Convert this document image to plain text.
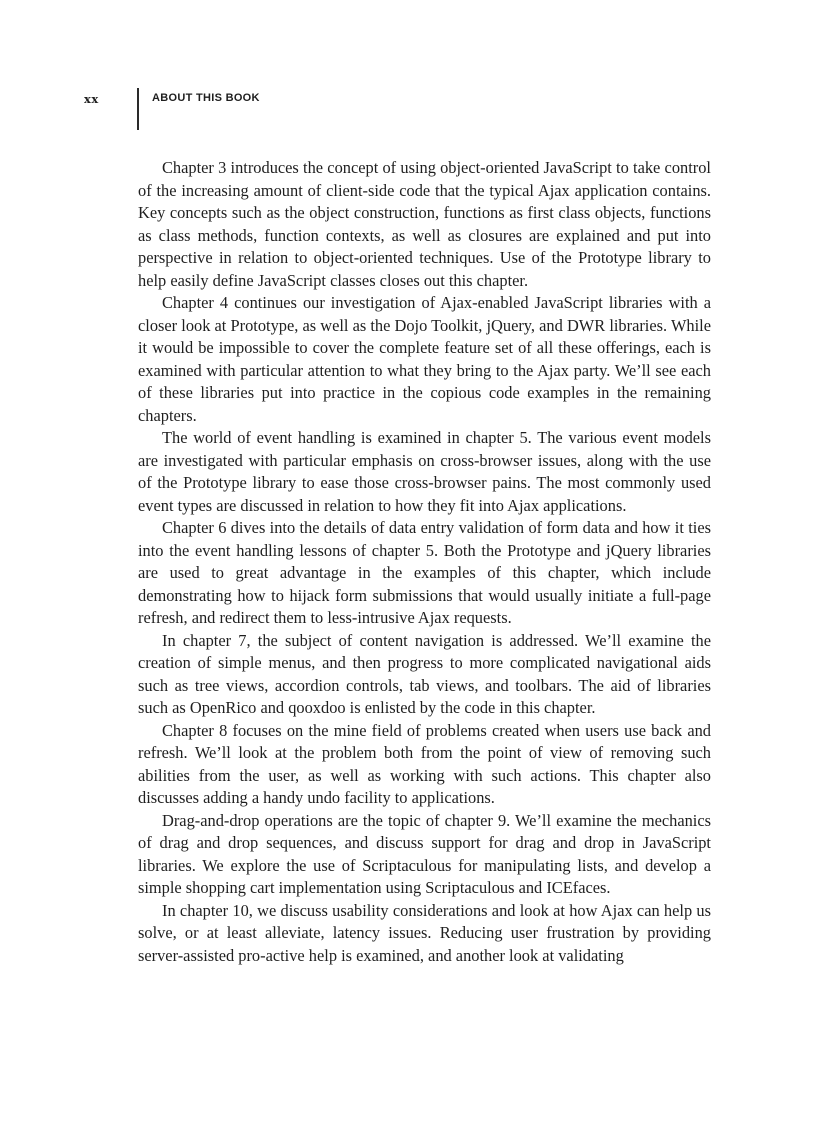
xx	ABOUT THIS BOOK

Chapter 3 introduces the concept of using object-oriented JavaScript to take control of the increasing amount of client-side code that the typical Ajax application contains. Key concepts such as the object construction, functions as first class objects, functions as class methods, function contexts, as well as closures are explained and put into perspective in relation to object-oriented techniques. Use of the Prototype library to help easily define JavaScript classes closes out this chapter.

Chapter 4 continues our investigation of Ajax-enabled JavaScript libraries with a closer look at Prototype, as well as the Dojo Toolkit, jQuery, and DWR libraries. While it would be impossible to cover the complete feature set of all these offerings, each is examined with particular attention to what they bring to the Ajax party. We’ll see each of these libraries put into practice in the copious code examples in the remaining chapters.

The world of event handling is examined in chapter 5. The various event models are investigated with particular emphasis on cross-browser issues, along with the use of the Prototype library to ease those cross-browser pains. The most commonly used event types are discussed in relation to how they fit into Ajax applications.

Chapter 6 dives into the details of data entry validation of form data and how it ties into the event handling lessons of chapter 5. Both the Prototype and jQuery libraries are used to great advantage in the examples of this chapter, which include demonstrating how to hijack form submissions that would usually initiate a full-page refresh, and redirect them to less-intrusive Ajax requests.

In chapter 7, the subject of content navigation is addressed. We’ll examine the creation of simple menus, and then progress to more complicated navigational aids such as tree views, accordion controls, tab views, and toolbars. The aid of libraries such as OpenRico and qooxdoo is enlisted by the code in this chapter.

Chapter 8 focuses on the mine field of problems created when users use back and refresh. We’ll look at the problem both from the point of view of removing such abilities from the user, as well as working with such actions. This chapter also discusses adding a handy undo facility to applications.

Drag-and-drop operations are the topic of chapter 9. We’ll examine the mechanics of drag and drop sequences, and discuss support for drag and drop in JavaScript libraries. We explore the use of Scriptaculous for manipulating lists, and develop a simple shopping cart implementation using Scriptaculous and ICEfaces.

In chapter 10, we discuss usability considerations and look at how Ajax can help us solve, or at least alleviate, latency issues. Reducing user frustration by providing server-assisted pro-active help is examined, and another look at validating
